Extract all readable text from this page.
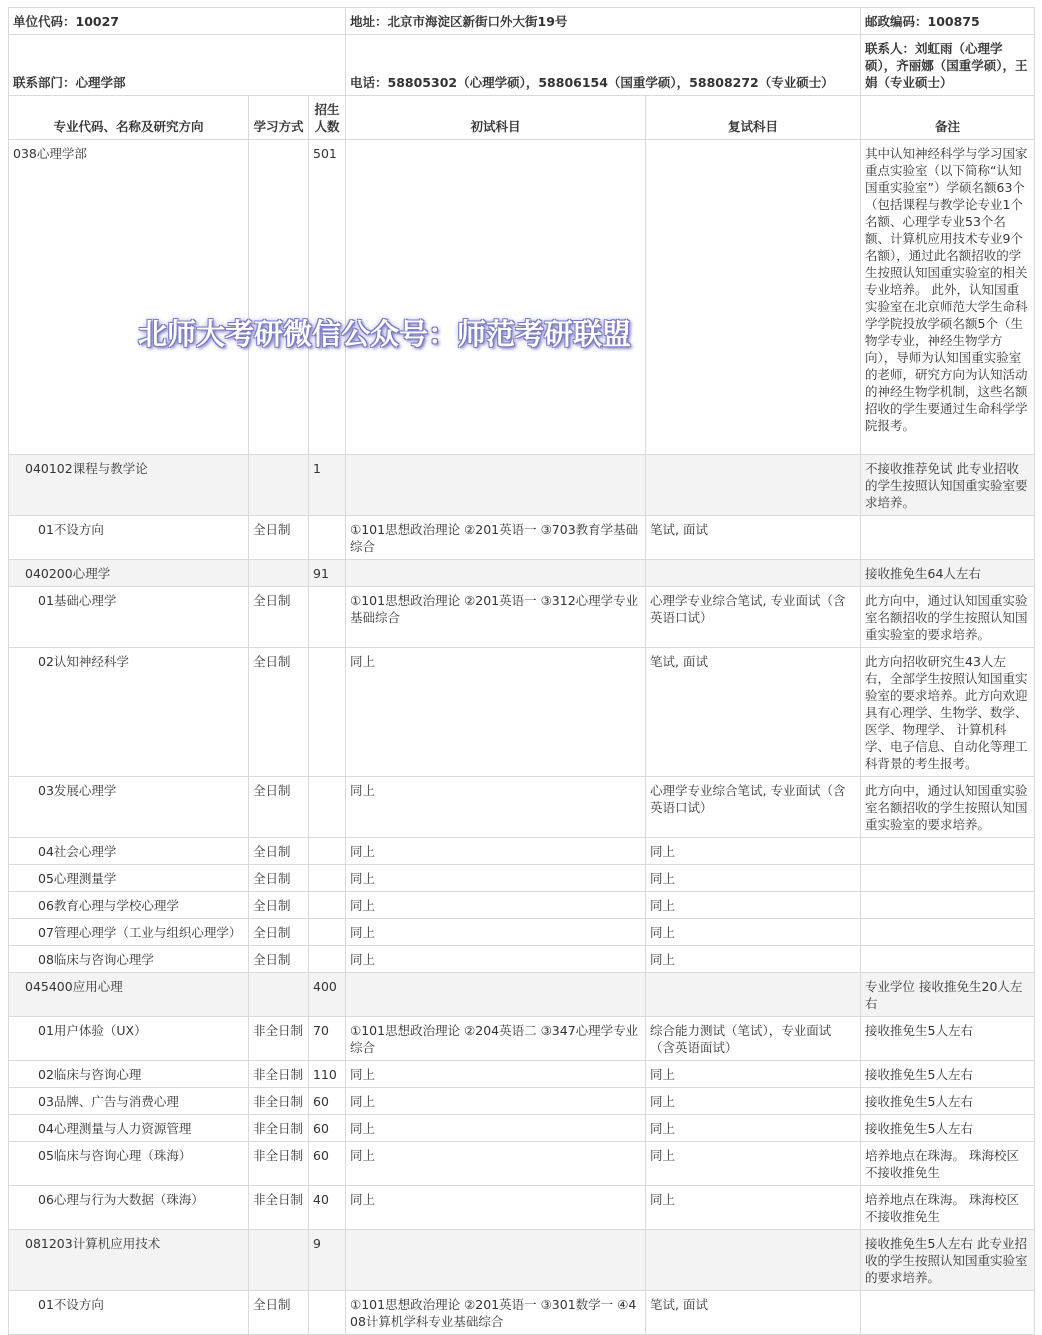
单位代码：10027			地址：北京市海淀区新街口外大街19号		邮政编码：100875
联系部门：心理学部			电话：58805302（心理学硕），58806154（国重学硕），58808272（专业硕士）		联系人：刘虹雨（心理学硕），齐丽娜（国重学硕），王娟（专业硕士）
专业代码、名称及研究方向	学习方式	招生人数	初试科目	复试科目	备注
038心理学部		501			其中认知神经科学与学习国家重点实验室（以下简称“认知国重实验室”）学硕名额63个（包括课程与教学论专业1个名额、心理学专业53个名额、计算机应用技术专业9个名额），通过此名额招收的学生按照认知国重实验室的相关专业培养。 此外，认知国重实验室在北京师范大学生命科学学院投放学硕名额5个（生物学专业，神经生物学方向），导师为认知国重实验室的老师，研究方向为认知活动的神经生物学机制，这些名额招收的学生要通过生命科学学院报考。
040102课程与教学论		1			不接收推荐免试 此专业招收的学生按照认知国重实验室要求培养。
01不设方向	全日制		①101思想政治理论 ②201英语一 ③703教育学基础综合	笔试, 面试	
040200心理学		91			接收推免生64人左右
01基础心理学	全日制		①101思想政治理论 ②201英语一 ③312心理学专业基础综合	心理学专业综合笔试, 专业面试（含英语口试）	此方向中，通过认知国重实验室名额招收的学生按照认知国重实验室的要求培养。
02认知神经科学	全日制		同上	笔试, 面试	此方向招收研究生43人左右，全部学生按照认知国重实验室的要求培养。此方向欢迎具有心理学、生物学、数学、医学、物理学、 计算机科学、电子信息、自动化等理工科背景的考生报考。
03发展心理学	全日制		同上	心理学专业综合笔试, 专业面试（含英语口试）	此方向中，通过认知国重实验室名额招收的学生按照认知国重实验室的要求培养。
04社会心理学	全日制		同上	同上	
05心理测量学	全日制		同上	同上	
06教育心理与学校心理学	全日制		同上	同上	
07管理心理学（工业与组织心理学）	全日制		同上	同上	
08临床与咨询心理学	全日制		同上	同上	
045400应用心理		400			专业学位 接收推免生20人左右
01用户体验（UX）	非全日制	70	①101思想政治理论 ②204英语二 ③347心理学专业综合	综合能力测试（笔试），专业面试（含英语面试）	接收推免生5人左右
02临床与咨询心理	非全日制	110	同上	同上	接收推免生5人左右
03品牌、广告与消费心理	非全日制	60	同上	同上	接收推免生5人左右
04心理测量与人力资源管理	非全日制	60	同上	同上	接收推免生5人左右
05临床与咨询心理（珠海）	非全日制	60	同上	同上	培养地点在珠海。 珠海校区不接收推免生
06心理与行为大数据（珠海）	非全日制	40	同上	同上	培养地点在珠海。 珠海校区不接收推免生
081203计算机应用技术		9			接收推免生5人左右 此专业招收的学生按照认知国重实验室的要求培养。
01不设方向	全日制		①101思想政治理论 ②201英语一 ③301数学一 ④408计算机学科专业基础综合	笔试, 面试	
北师大考研微信公众号：师范考研联盟
